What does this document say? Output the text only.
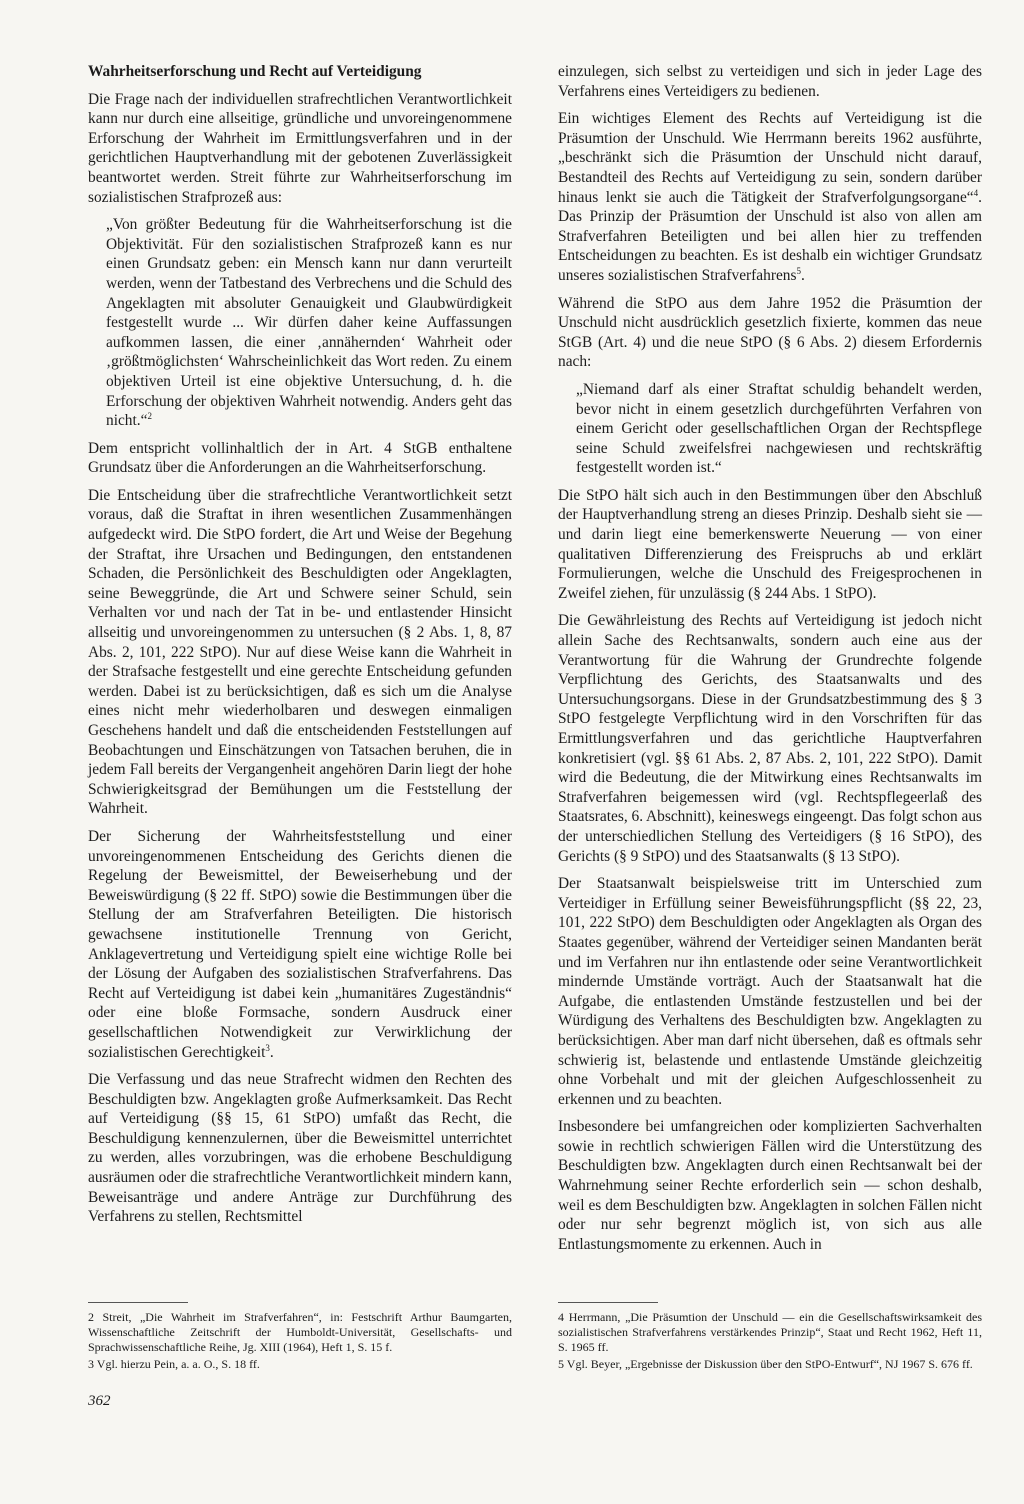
Wahrheitserforschung und Recht auf Verteidigung

Die Frage nach der individuellen strafrechtlichen Verantwortlichkeit kann nur durch eine allseitige, gründliche und unvoreingenommene Erforschung der Wahrheit im Ermittlungsverfahren und in der gerichtlichen Hauptverhandlung mit der gebotenen Zuverlässigkeit beantwortet werden. Streit führte zur Wahrheitserforschung im sozialistischen Strafprozeß aus:

„Von größter Bedeutung für die Wahrheitserforschung ist die Objektivität. Für den sozialistischen Strafprozeß kann es nur einen Grundsatz geben: ein Mensch kann nur dann verurteilt werden, wenn der Tatbestand des Verbrechens und die Schuld des Angeklagten mit absoluter Genauigkeit und Glaubwürdigkeit festgestellt wurde ... Wir dürfen daher keine Auffassungen aufkommen lassen, die einer ‚annähernden‘ Wahrheit oder ‚größtmöglichsten‘ Wahrscheinlichkeit das Wort reden. Zu einem objektiven Urteil ist eine objektive Untersuchung, d. h. die Erforschung der objektiven Wahrheit notwendig. Anders geht das nicht.“$^2$

Dem entspricht vollinhaltlich der in Art. 4 StGB enthaltene Grundsatz über die Anforderungen an die Wahrheitserforschung.

Die Entscheidung über die strafrechtliche Verantwortlichkeit setzt voraus, daß die Straftat in ihren wesentlichen Zusammenhängen aufgedeckt wird. Die StPO fordert, die Art und Weise der Begehung der Straftat, ihre Ursachen und Bedingungen, den entstandenen Schaden, die Persönlichkeit des Beschuldigten oder Angeklagten, seine Beweggründe, die Art und Schwere seiner Schuld, sein Verhalten vor und nach der Tat in be- und entlastender Hinsicht allseitig und unvoreingenommen zu untersuchen (§ 2 Abs. 1, 8, 87 Abs. 2, 101, 222 StPO). Nur auf diese Weise kann die Wahrheit in der Strafsache festgestellt und eine gerechte Entscheidung gefunden werden. Dabei ist zu berücksichtigen, daß es sich um die Analyse eines nicht mehr wiederholbaren und deswegen einmaligen Geschehens handelt und daß die entscheidenden Feststellungen auf Beobachtungen und Einschätzungen von Tatsachen beruhen, die in jedem Fall bereits der Vergangenheit angehören Darin liegt der hohe Schwierigkeitsgrad der Bemühungen um die Feststellung der Wahrheit.

Der Sicherung der Wahrheitsfeststellung und einer unvoreingenommenen Entscheidung des Gerichts dienen die Regelung der Beweismittel, der Beweiserhebung und der Beweiswürdigung (§ 22 ff. StPO) sowie die Bestimmungen über die Stellung der am Strafverfahren Beteiligten. Die historisch gewachsene institutionelle Trennung von Gericht, Anklagevertretung und Verteidigung spielt eine wichtige Rolle bei der Lösung der Aufgaben des sozialistischen Strafverfahrens. Das Recht auf Verteidigung ist dabei kein „humanitäres Zugeständnis“ oder eine bloße Formsache, sondern Ausdruck einer gesellschaftlichen Notwendigkeit zur Verwirklichung der sozialistischen Gerechtigkeit$^3$.

Die Verfassung und das neue Strafrecht widmen den Rechten des Beschuldigten bzw. Angeklagten große Aufmerksamkeit. Das Recht auf Verteidigung (§§ 15, 61 StPO) umfaßt das Recht, die Beschuldigung kennenzulernen, über die Beweismittel unterrichtet zu werden, alles vorzubringen, was die erhobene Beschuldigung ausräumen oder die strafrechtliche Verantwortlichkeit mindern kann, Beweisanträge und andere Anträge zur Durchführung des Verfahrens zu stellen, Rechtsmittel

einzulegen, sich selbst zu verteidigen und sich in jeder Lage des Verfahrens eines Verteidigers zu bedienen.

Ein wichtiges Element des Rechts auf Verteidigung ist die Präsumtion der Unschuld. Wie Herrmann bereits 1962 ausführte, „beschränkt sich die Präsumtion der Unschuld nicht darauf, Bestandteil des Rechts auf Verteidigung zu sein, sondern darüber hinaus lenkt sie auch die Tätigkeit der Strafverfolgungsorgane“$^4$. Das Prinzip der Präsumtion der Unschuld ist also von allen am Strafverfahren Beteiligten und bei allen hier zu treffenden Entscheidungen zu beachten. Es ist deshalb ein wichtiger Grundsatz unseres sozialistischen Strafverfahrens$^5$.

Während die StPO aus dem Jahre 1952 die Präsumtion der Unschuld nicht ausdrücklich gesetzlich fixierte, kommen das neue StGB (Art. 4) und die neue StPO (§ 6 Abs. 2) diesem Erfordernis nach:

„Niemand darf als einer Straftat schuldig behandelt werden, bevor nicht in einem gesetzlich durchgeführten Verfahren von einem Gericht oder gesellschaftlichen Organ der Rechtspflege seine Schuld zweifelsfrei nachgewiesen und rechtskräftig festgestellt worden ist.“

Die StPO hält sich auch in den Bestimmungen über den Abschluß der Hauptverhandlung streng an dieses Prinzip. Deshalb sieht sie — und darin liegt eine bemerkenswerte Neuerung — von einer qualitativen Differenzierung des Freispruchs ab und erklärt Formulierungen, welche die Unschuld des Freigesprochenen in Zweifel ziehen, für unzulässig (§ 244 Abs. 1 StPO).

Die Gewährleistung des Rechts auf Verteidigung ist jedoch nicht allein Sache des Rechtsanwalts, sondern auch eine aus der Verantwortung für die Wahrung der Grundrechte folgende Verpflichtung des Gerichts, des Staatsanwalts und des Untersuchungsorgans. Diese in der Grundsatzbestimmung des § 3 StPO festgelegte Verpflichtung wird in den Vorschriften für das Ermittlungsverfahren und das gerichtliche Hauptverfahren konkretisiert (vgl. §§ 61 Abs. 2, 87 Abs. 2, 101, 222 StPO). Damit wird die Bedeutung, die der Mitwirkung eines Rechtsanwalts im Strafverfahren beigemessen wird (vgl. Rechtspflegeerlaß des Staatsrates, 6. Abschnitt), keineswegs eingeengt. Das folgt schon aus der unterschiedlichen Stellung des Verteidigers (§ 16 StPO), des Gerichts (§ 9 StPO) und des Staatsanwalts (§ 13 StPO).

Der Staatsanwalt beispielsweise tritt im Unterschied zum Verteidiger in Erfüllung seiner Beweisführungspflicht (§§ 22, 23, 101, 222 StPO) dem Beschuldigten oder Angeklagten als Organ des Staates gegenüber, während der Verteidiger seinen Mandanten berät und im Verfahren nur ihn entlastende oder seine Verantwortlichkeit mindernde Umstände vorträgt. Auch der Staatsanwalt hat die Aufgabe, die entlastenden Umstände festzustellen und bei der Würdigung des Verhaltens des Beschuldigten bzw. Angeklagten zu berücksichtigen. Aber man darf nicht übersehen, daß es oftmals sehr schwierig ist, belastende und entlastende Umstände gleichzeitig ohne Vorbehalt und mit der gleichen Aufgeschlossenheit zu erkennen und zu beachten.

Insbesondere bei umfangreichen oder komplizierten Sachverhalten sowie in rechtlich schwierigen Fällen wird die Unterstützung des Beschuldigten bzw. Angeklagten durch einen Rechtsanwalt bei der Wahrnehmung seiner Rechte erforderlich sein — schon deshalb, weil es dem Beschuldigten bzw. Angeklagten in solchen Fällen nicht oder nur sehr begrenzt möglich ist, von sich aus alle Entlastungsmomente zu erkennen. Auch in

2 Streit, „Die Wahrheit im Strafverfahren“, in: Festschrift Arthur Baumgarten, Wissenschaftliche Zeitschrift der Humboldt-Universität, Gesellschafts- und Sprachwissenschaftliche Reihe, Jg. XIII (1964), Heft 1, S. 15 f.

3 Vgl. hierzu Pein, a. a. O., S. 18 ff.

4 Herrmann, „Die Präsumtion der Unschuld — ein die Gesellschaftswirksamkeit des sozialistischen Strafverfahrens verstärkendes Prinzip“, Staat und Recht 1962, Heft 11, S. 1965 ff.

5 Vgl. Beyer, „Ergebnisse der Diskussion über den StPO-Entwurf“, NJ 1967 S. 676 ff.

362
